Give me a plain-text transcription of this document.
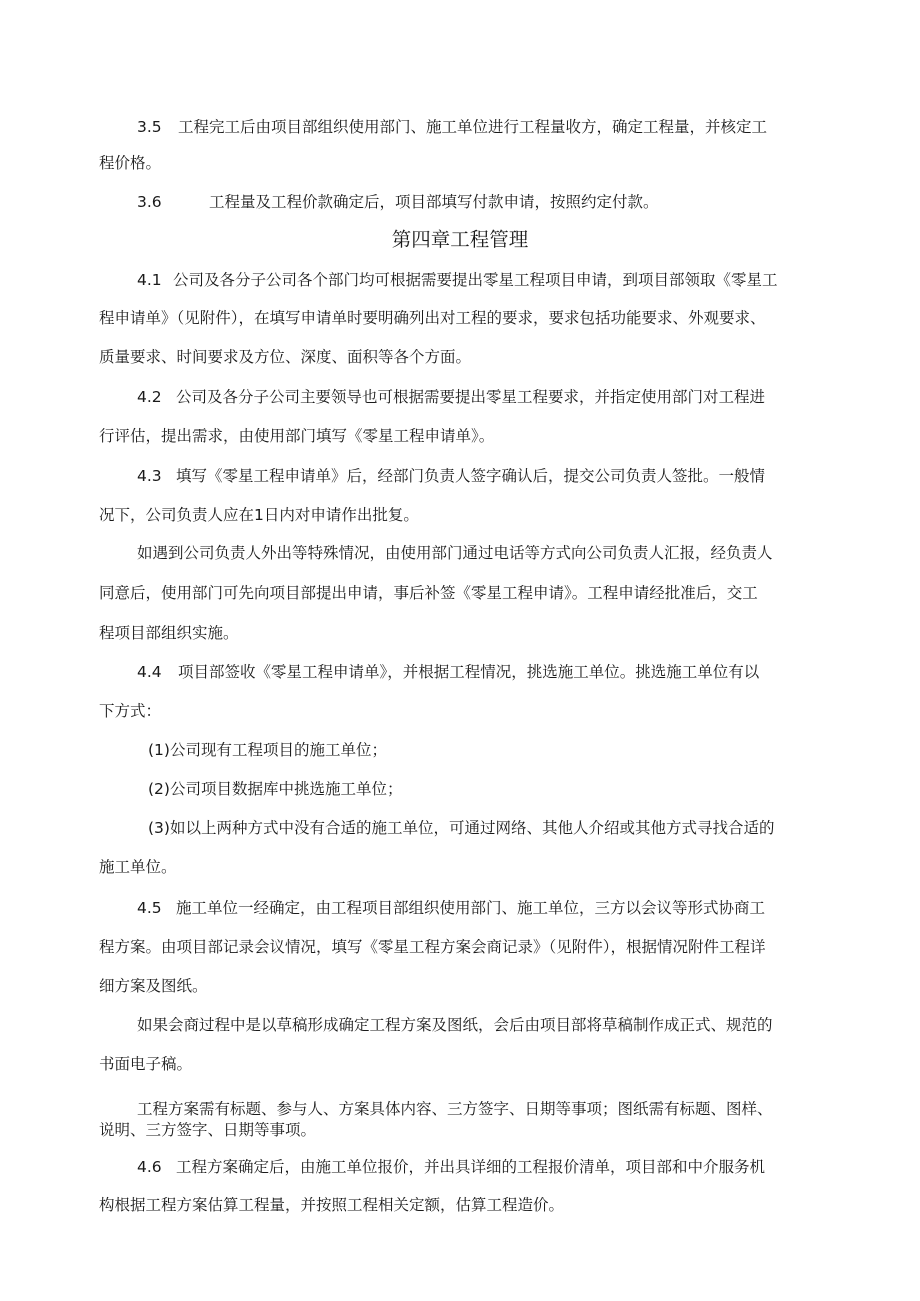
3.5 工程完工后由项目部组织使用部门、施工单位进行工程量收方，确定工程量，并核定工
程价格。
3.6	工程量及工程价款确定后，项目部填写付款申请，按照约定付款。
第四章工程管理
4.1 公司及各分子公司各个部门均可根据需要提出零星工程项目申请，到项目部领取《零星工
程申请单》（见附件），在填写申请单时要明确列出对工程的要求，要求包括功能要求、外观要求、
质量要求、时间要求及方位、深度、面积等各个方面。
4.2 公司及各分子公司主要领导也可根据需要提出零星工程要求，并指定使用部门对工程进
行评估，提出需求，由使用部门填写《零星工程申请单》。
4.3 填写《零星工程申请单》后，经部门负责人签字确认后，提交公司负责人签批。一般情
况下，公司负责人应在1日内对申请作出批复。
如遇到公司负责人外出等特殊情况，由使用部门通过电话等方式向公司负责人汇报，经负责人
同意后，使用部门可先向项目部提出申请，事后补签《零星工程申请》。工程申请经批准后，交工
程项目部组织实施。
4.4 项目部签收《零星工程申请单》，并根据工程情况，挑选施工单位。挑选施工单位有以
下方式：
(1)公司现有工程项目的施工单位；
(2)公司项目数据库中挑选施工单位；
(3)如以上两种方式中没有合适的施工单位，可通过网络、其他人介绍或其他方式寻找合适的
施工单位。
4.5 施工单位一经确定，由工程项目部组织使用部门、施工单位，三方以会议等形式协商工
程方案。由项目部记录会议情况，填写《零星工程方案会商记录》（见附件），根据情况附件工程详
细方案及图纸。
如果会商过程中是以草稿形成确定工程方案及图纸，会后由项目部将草稿制作成正式、规范的
书面电子稿。
工程方案需有标题、参与人、方案具体内容、三方签字、日期等事项；图纸需有标题、图样、
说明、三方签字、日期等事项。
4.6 工程方案确定后，由施工单位报价，并出具详细的工程报价清单，项目部和中介服务机
构根据工程方案估算工程量，并按照工程相关定额，估算工程造价。
